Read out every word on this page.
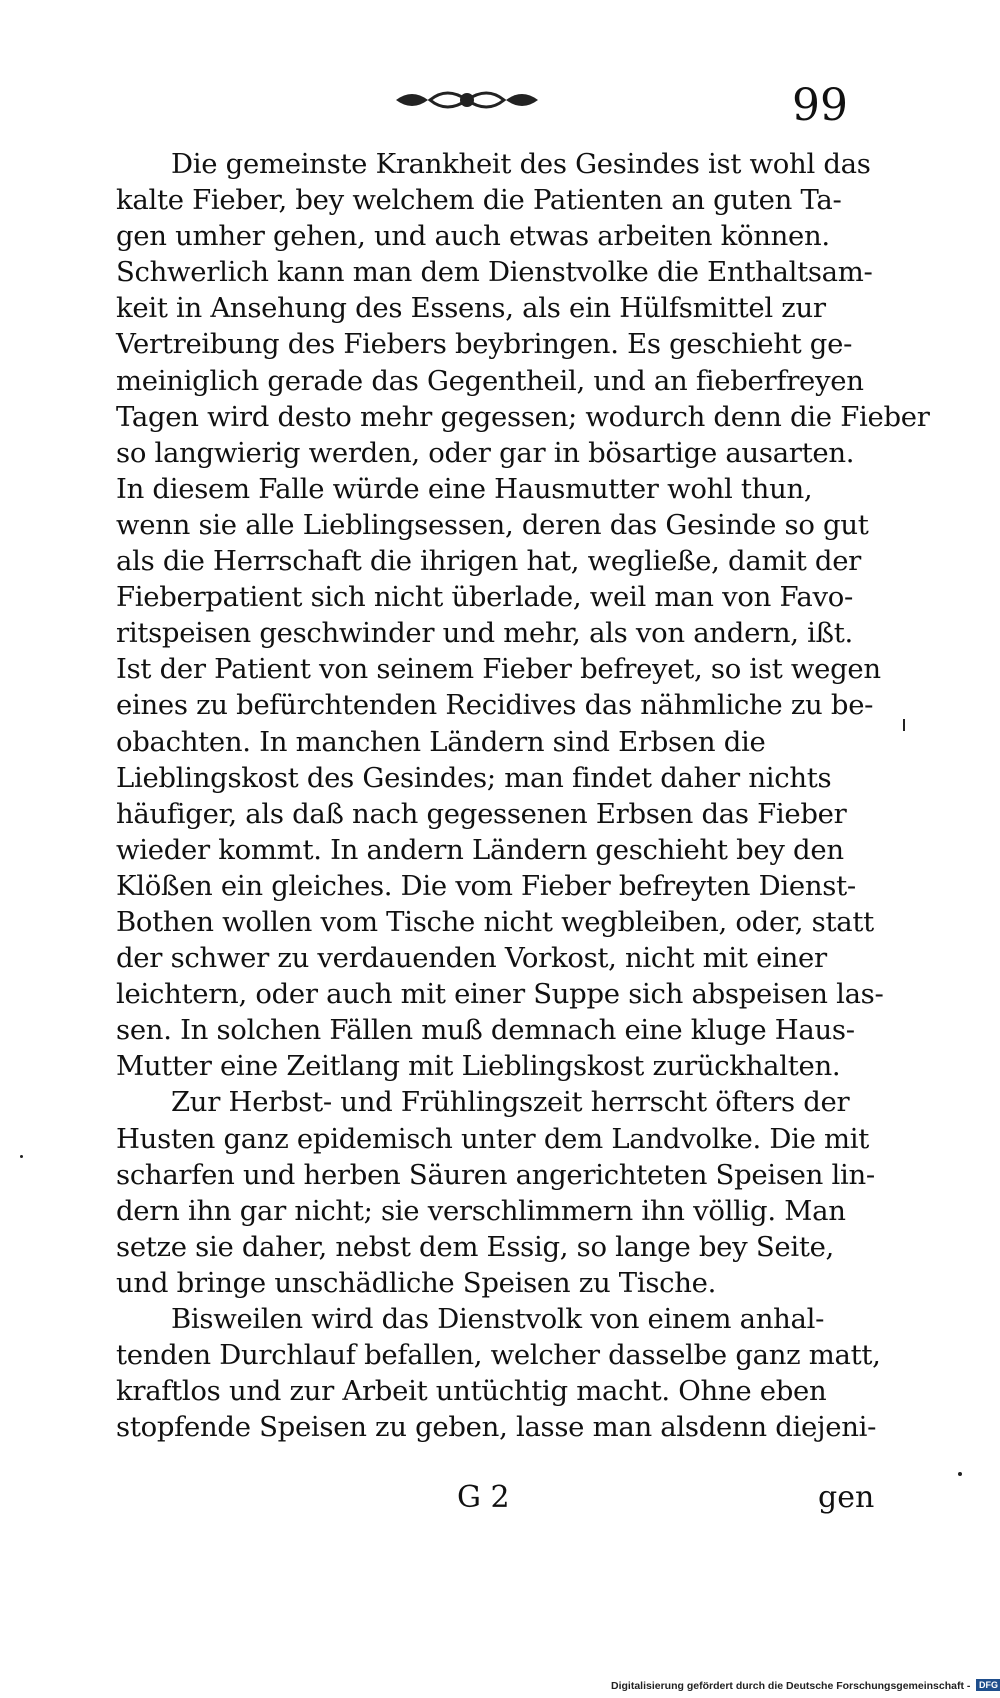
99
Die gemeinste Krankheit des Gesindes ist wohl das
kalte Fieber, bey welchem die Patienten an guten Ta-
gen umher gehen, und auch etwas arbeiten können.
Schwerlich kann man dem Dienstvolke die Enthaltsam-
keit in Ansehung des Essens, als ein Hülfsmittel zur
Vertreibung des Fiebers beybringen. Es geschieht ge-
meiniglich gerade das Gegentheil, und an fieberfreyen
Tagen wird desto mehr gegessen; wodurch denn die Fieber
so langwierig werden, oder gar in bösartige ausarten.
In diesem Falle würde eine Hausmutter wohl thun,
wenn sie alle Lieblingsessen, deren das Gesinde so gut
als die Herrschaft die ihrigen hat, wegließe, damit der
Fieberpatient sich nicht überlade, weil man von Favo-
ritspeisen geschwinder und mehr, als von andern, ißt.
Ist der Patient von seinem Fieber befreyet, so ist wegen
eines zu befürchtenden Recidives das nähmliche zu be-
obachten. In manchen Ländern sind Erbsen die
Lieblingskost des Gesindes; man findet daher nichts
häufiger, als daß nach gegessenen Erbsen das Fieber
wieder kommt. In andern Ländern geschieht bey den
Klößen ein gleiches. Die vom Fieber befreyten Dienst-
Bothen wollen vom Tische nicht wegbleiben, oder, statt
der schwer zu verdauenden Vorkost, nicht mit einer
leichtern, oder auch mit einer Suppe sich abspeisen las-
sen. In solchen Fällen muß demnach eine kluge Haus-
Mutter eine Zeitlang mit Lieblingskost zurückhalten.
Zur Herbst- und Frühlingszeit herrscht öfters der
Husten ganz epidemisch unter dem Landvolke. Die mit
scharfen und herben Säuren angerichteten Speisen lin-
dern ihn gar nicht; sie verschlimmern ihn völlig. Man
setze sie daher, nebst dem Essig, so lange bey Seite,
und bringe unschädliche Speisen zu Tische.
Bisweilen wird das Dienstvolk von einem anhal-
tenden Durchlauf befallen, welcher dasselbe ganz matt,
kraftlos und zur Arbeit untüchtig macht. Ohne eben
stopfende Speisen zu geben, lasse man alsdenn diejeni-
G 2	gen
Digitalisierung gefördert durch die Deutsche Forschungsgemeinschaft - DFG
